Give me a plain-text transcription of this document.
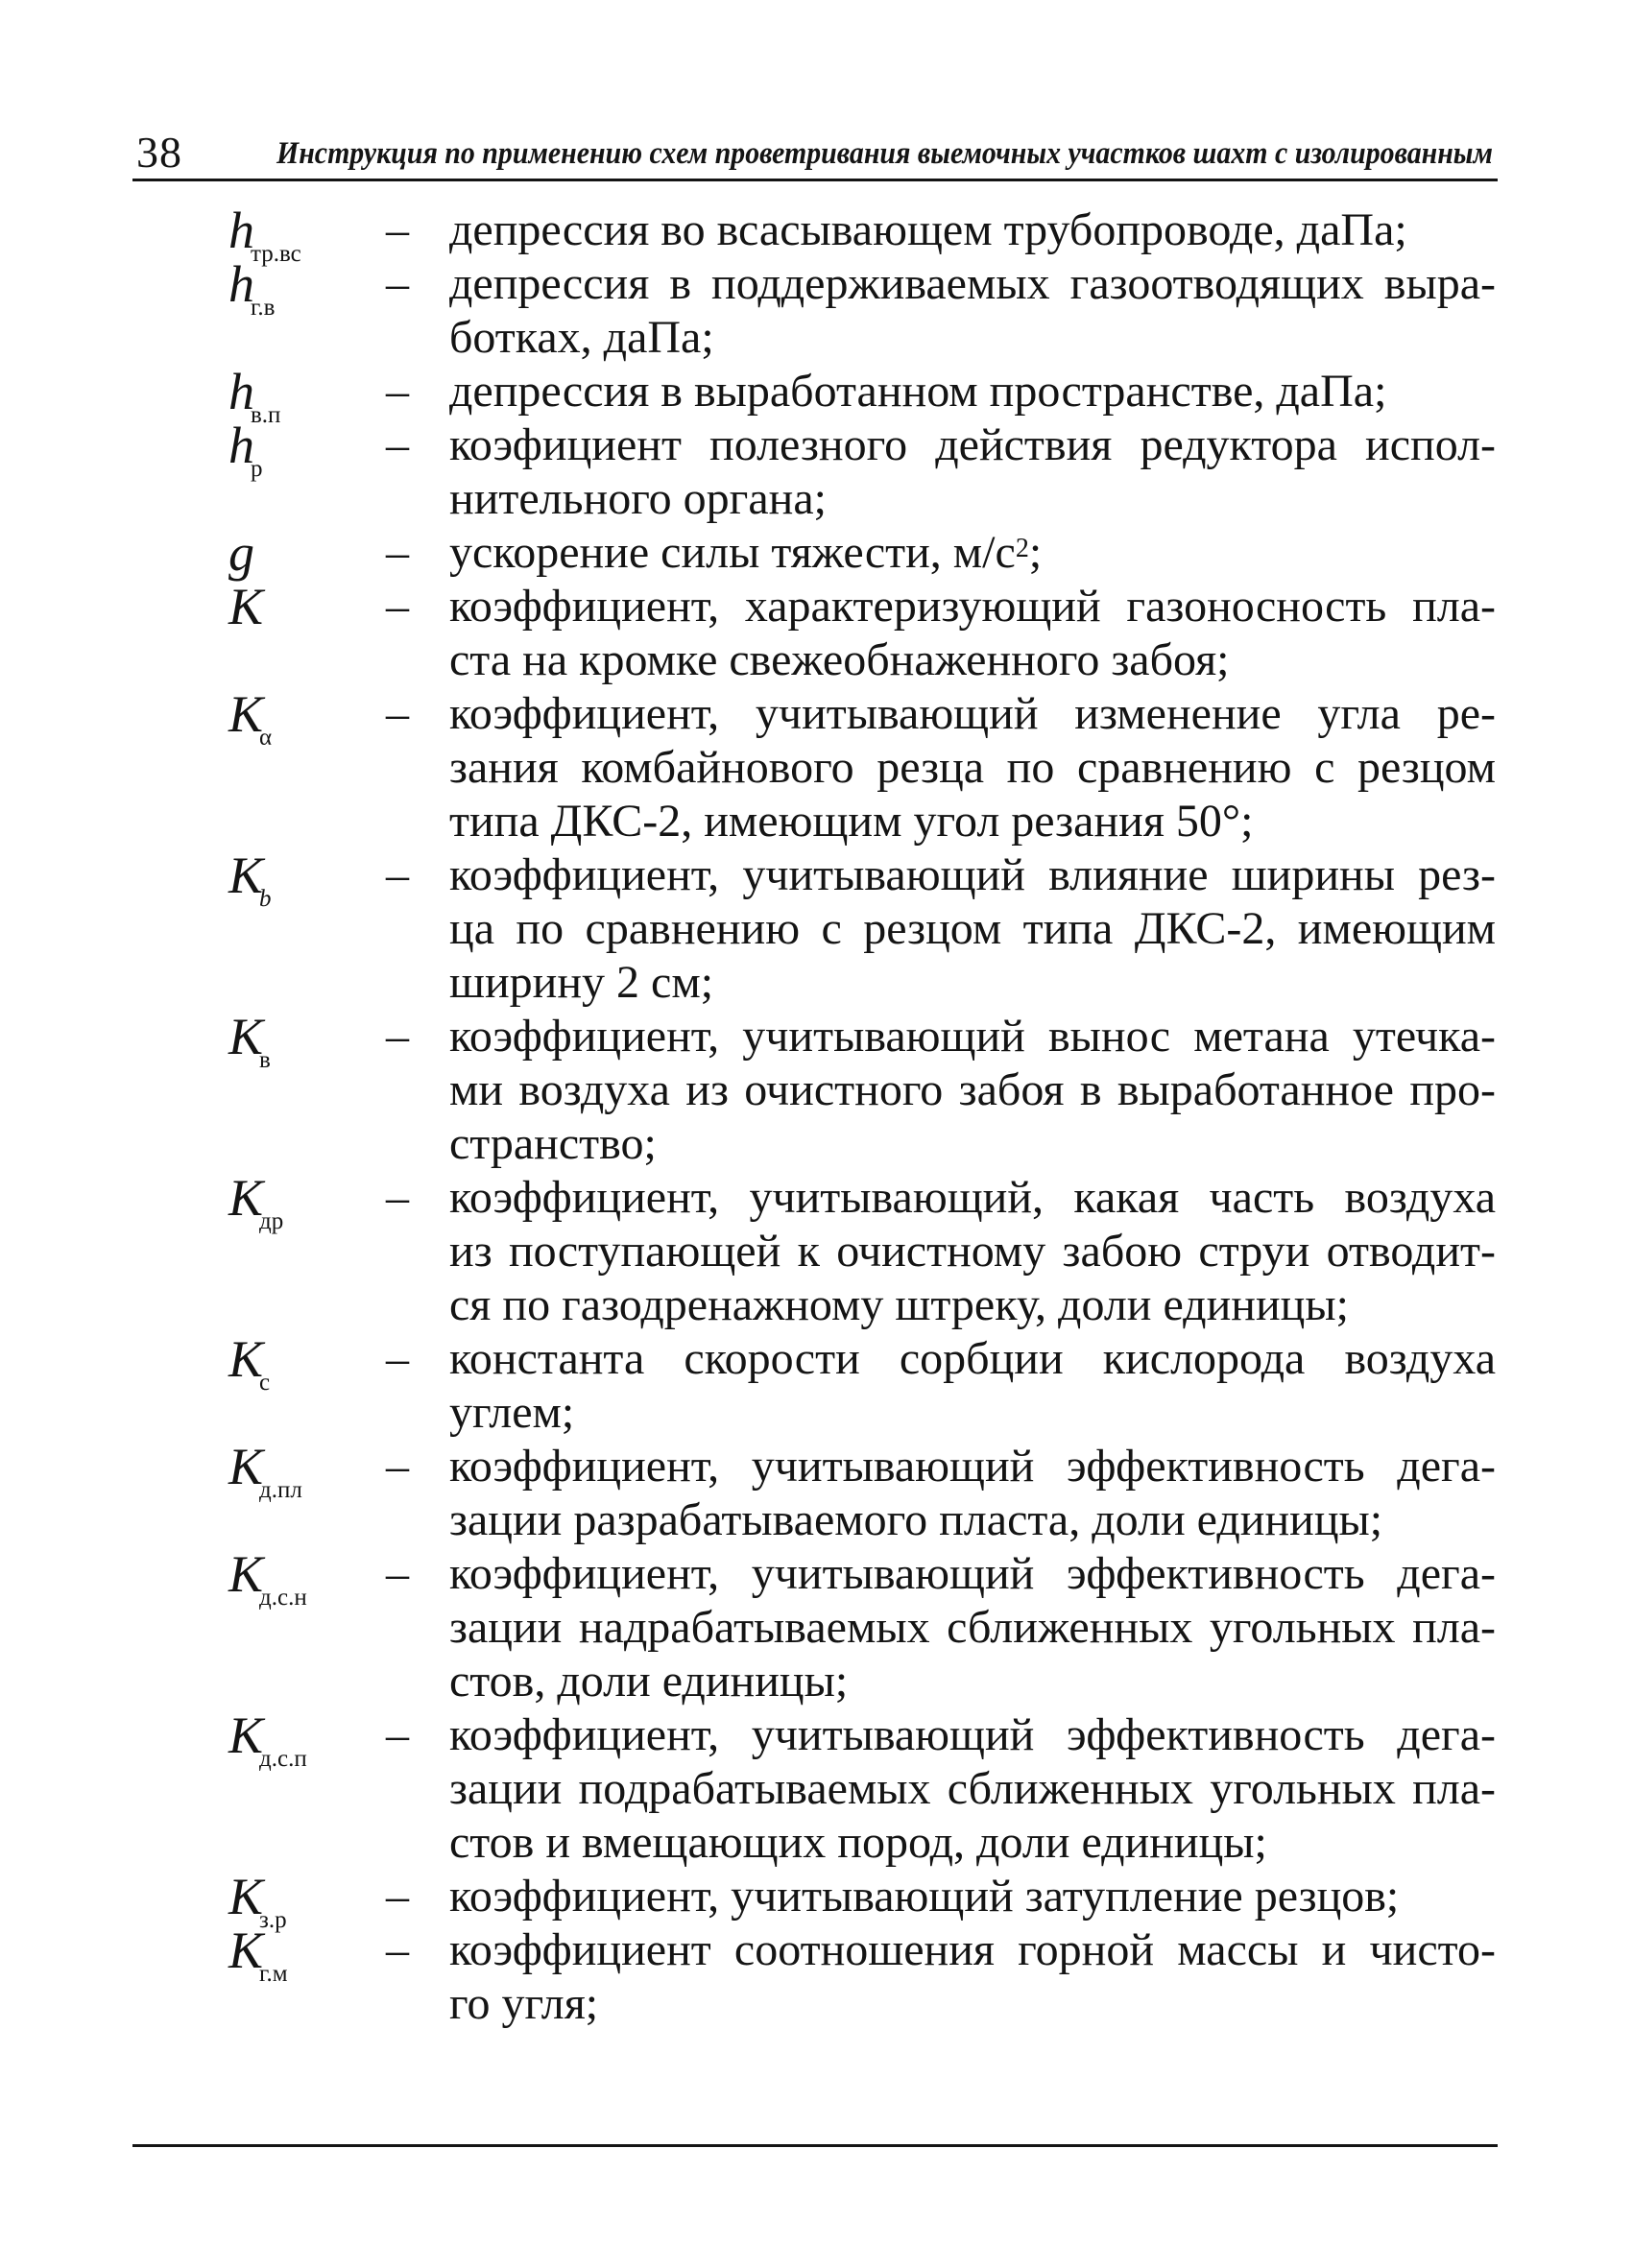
38	Инструкция по применению схем проветривания выемочных участков шахт с изолированным
$h_{тр.вс}$ – депрессия во всасывающем трубопроводе, даПа;
$h_{г.в}$ – депрессия в поддерживаемых газоотводящих выра-
ботках, даПа;
$h_{в.п}$ – депрессия в выработанном пространстве, даПа;
$h_р$	– коэфициент полезного действия редуктора испол-
нительного органа;
g	– ускорение силы тяжести, $м/с^2$;
K	– коэффициент, характеризующий газоносность пла-
ста на кромке свежеобнаженного забоя;
$K_\alpha$ – коэффициент, учитывающий изменение угла ре-
зания комбайнового резца по сравнению с резцом
типа ДКС-2, имеющим угол резания 50°;
$K_b$ – коэффициент, учитывающий влияние ширины рез-
ца по сравнению с резцом типа ДКС-2, имеющим
ширину 2 см;
$K_в$	– коэффициент, учитывающий вынос метана утечка-
ми воздуха из очистного забоя в выработанное про-
странство;
$K_{др}$ – коэффициент, учитывающий, какая часть воздуха
из поступающей к очистному забою струи отводит-
ся по газодренажному штреку, доли единицы;
$K_с$	– константа скорости сорбции кислорода воздуха
углем;
$K_{д.пл}$ – коэффициент, учитывающий эффективность дега-
зации разрабатываемого пласта, доли единицы;
$K_{д.с.н}$ – коэффициент, учитывающий эффективность дега-
зации надрабатываемых сближенных угольных пла-
стов, доли единицы;
$K_{д.с.п}$ – коэффициент, учитывающий эффективность дега-
зации подрабатываемых сближенных угольных пла-
стов и вмещающих пород, доли единицы;
$K_{з.р}$ – коэффициент, учитывающий затупление резцов;
$K_{г.м}$ – коэффициент соотношения горной массы и чисто-
го угля;
